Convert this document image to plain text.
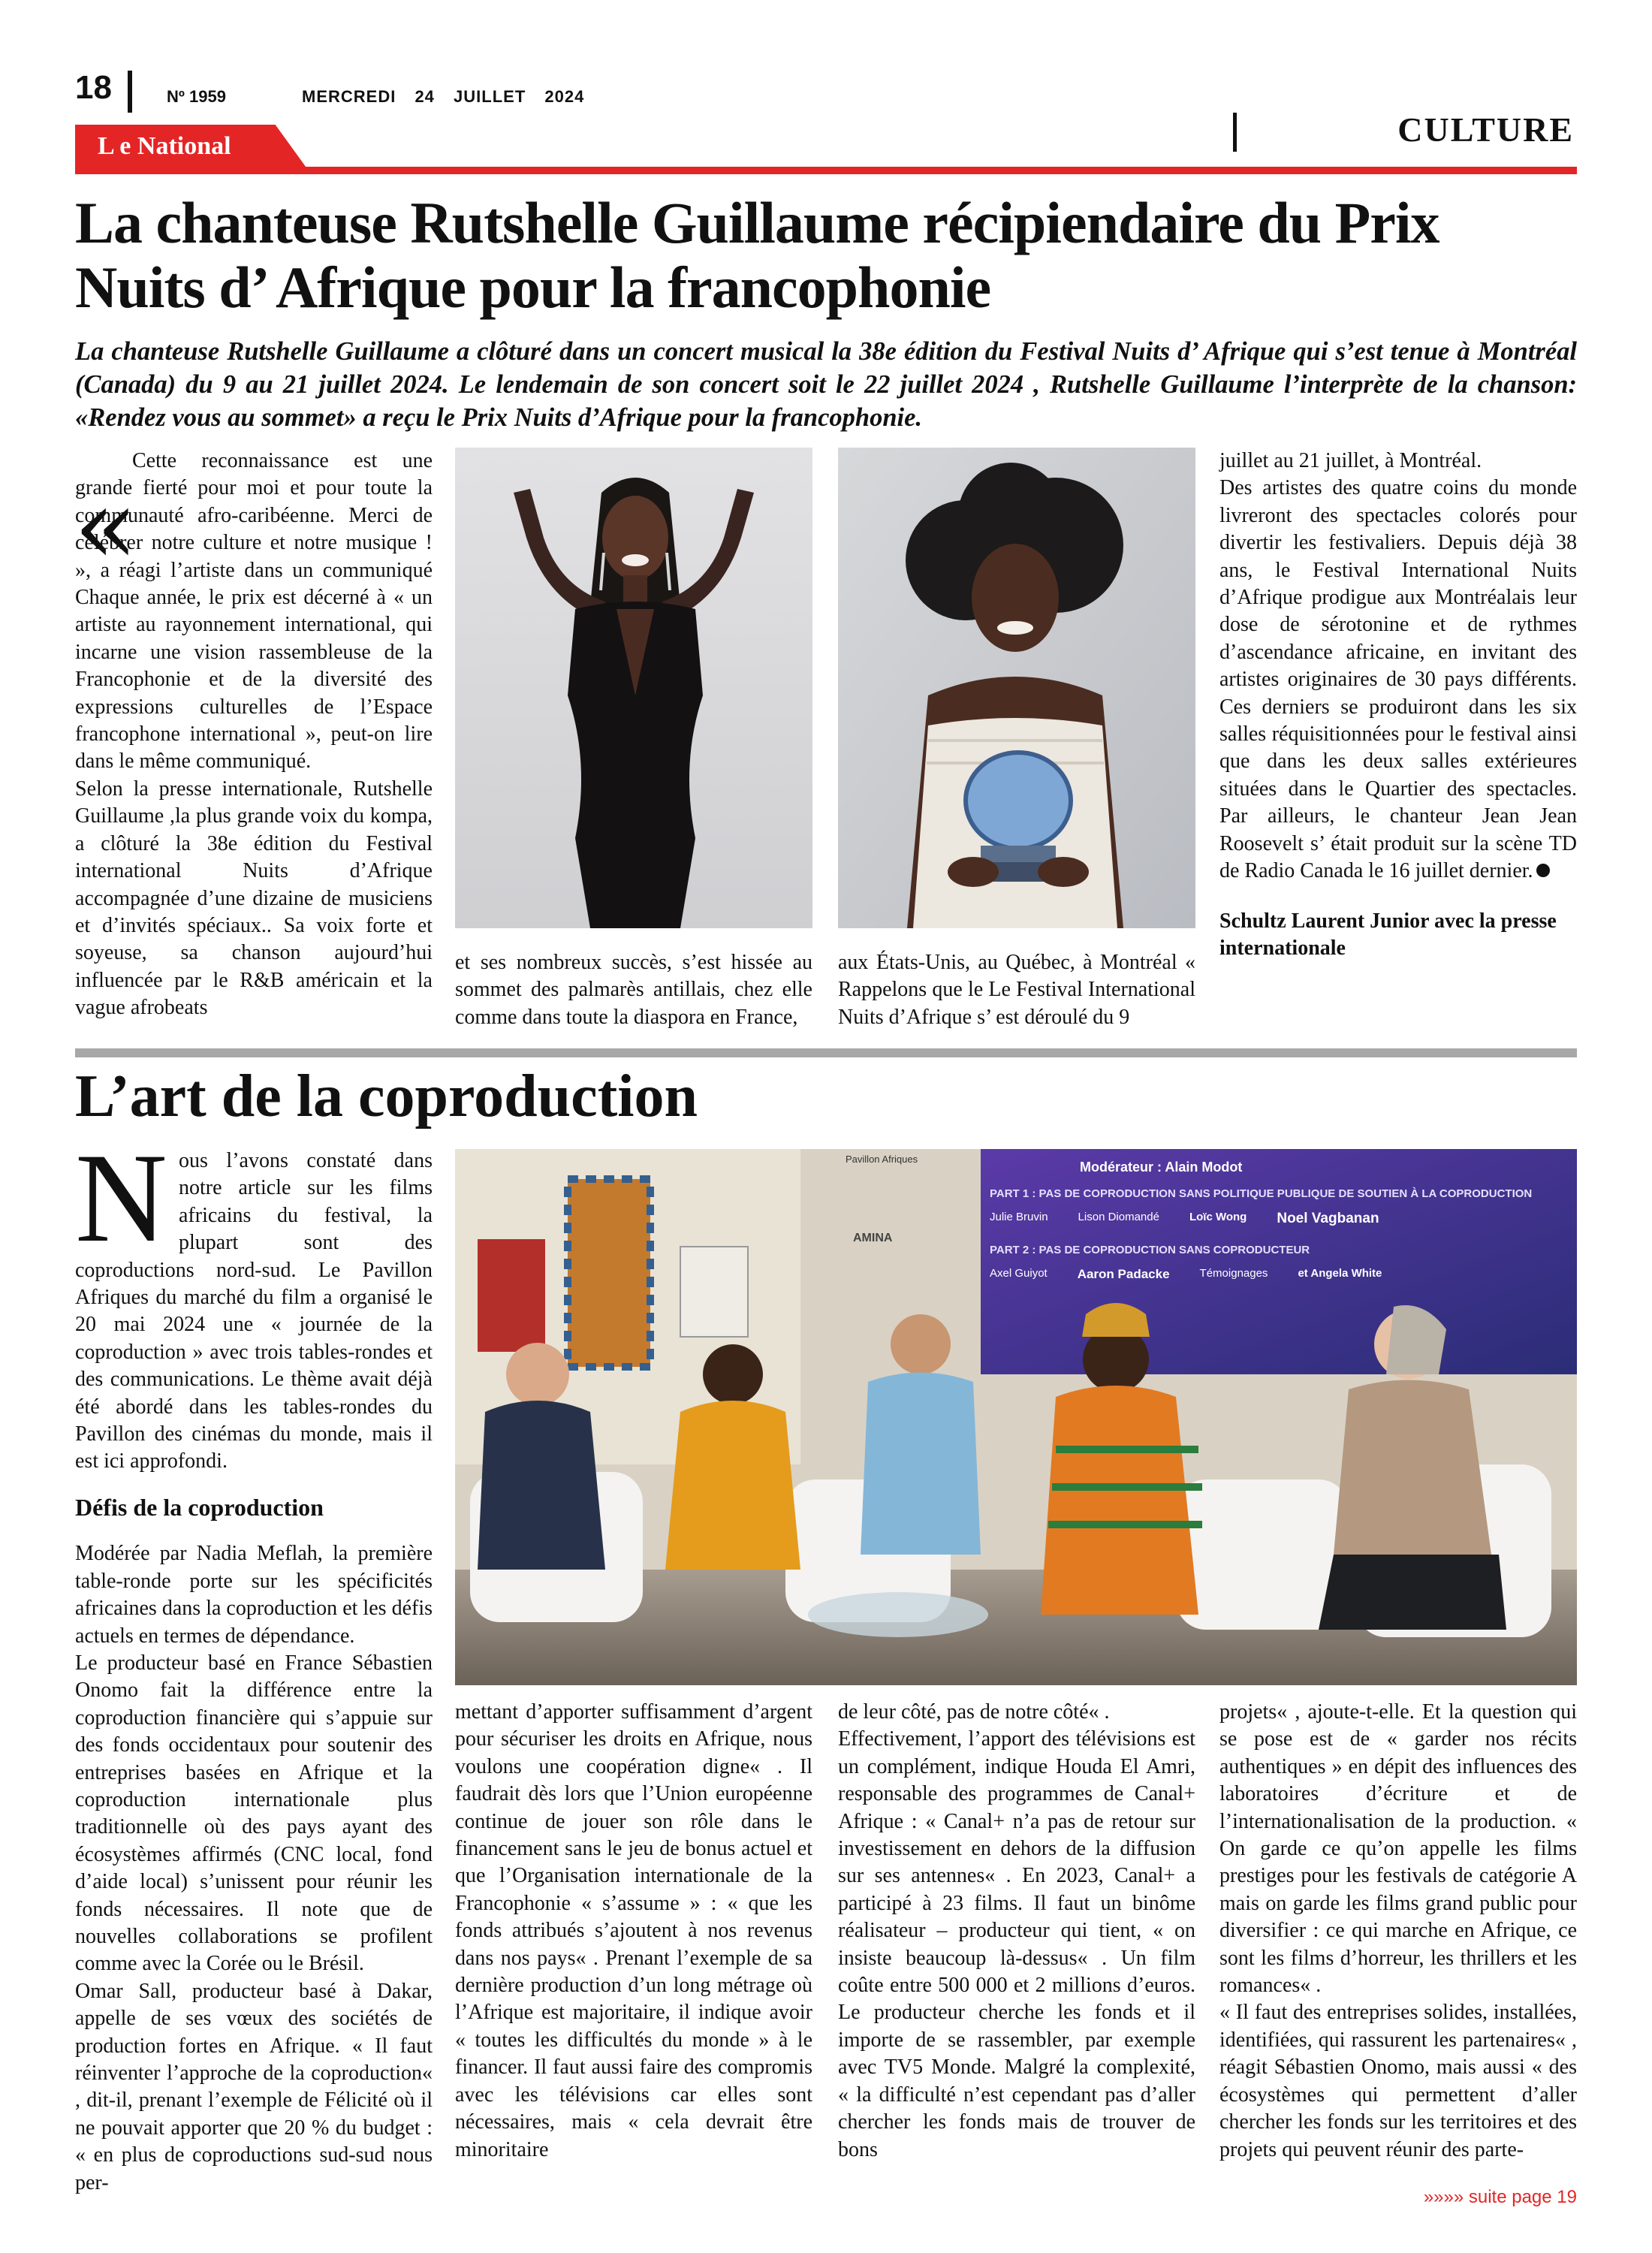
18	Nº 1959	MERCREDI 24 JUILLET 2024
L e National	CULTURE
La chanteuse Rutshelle Guillaume récipiendaire du Prix Nuits d’ Afrique pour la francophonie
La chanteuse Rutshelle Guillaume a clôturé dans un concert musical la 38e édition du Festival Nuits d’ Afrique qui s’est tenue à Montréal (Canada) du 9 au 21 juillet 2024. Le lendemain de son concert soit le 22 juillet 2024 , Rutshelle Guillaume l’interprète de la chanson: «Rendez vous au sommet» a reçu le Prix Nuits d’Afrique pour la francophonie.
«

Cette reconnaissance est une grande fierté pour moi et pour toute la communauté afro-caribéenne. Merci de célébrer notre culture et notre musique ! », a réagi l’artiste dans un communiqué Chaque année, le prix est décerné à « un artiste au rayonnement international, qui incarne une vision rassembleuse de la Francophonie et de la diversité des expressions culturelles de l’Espace francophone international », peut-on lire dans le même communiqué.

Selon la presse internationale, Rutshelle Guillaume ,la plus grande voix du kompa, a clôturé la 38e édition du Festival international Nuits d’Afrique accompagnée d’une dizaine de musiciens et d’invités spéciaux.. Sa voix forte et soyeuse, sa chanson aujourd’hui influencée par le R&B américain et la vague afrobeats

et ses nombreux succès, s’est hissée au sommet des palmarès antillais, chez elle comme dans toute la diaspora en France,

aux États-Unis, au Québec, à Montréal « Rappelons que le Le Festival International Nuits d’Afrique s’ est déroulé du 9

juillet au 21 juillet, à Montréal.

Des artistes des quatre coins du monde livreront des spectacles colorés pour divertir les festivaliers. Depuis déjà 38 ans, le Festival International Nuits d’Afrique prodigue aux Montréalais leur dose de sérotonine et de rythmes d’ascendance africaine, en invitant des artistes originaires de 30 pays différents. Ces derniers se produiront dans les six salles réquisitionnées pour le festival ainsi que dans les deux salles extérieures situées dans le Quartier des spectacles. Par ailleurs, le chanteur Jean Jean Roosevelt s’ était produit sur la scène TD de Radio Canada le 16 juillet dernier.

Schultz Laurent Junior avec la presse internationale

L’art de la coproduction
N ous l’avons constaté dans notre article sur les films africains du festival, la plupart sont des coproductions nord-sud. Le Pavillon Afriques du marché du film a organisé le 20 mai 2024 une « journée de la coproduction » avec trois tables-rondes et des communications. Le thème avait déjà été abordé dans les tables-rondes du Pavillon des cinémas du monde, mais il est ici approfondi.

Défis de la coproduction

Modérée par Nadia Meflah, la première table-ronde porte sur les spécificités africaines dans la coproduction et les défis actuels en termes de dépendance.

Le producteur basé en France Sébastien Onomo fait la différence entre la coproduction financière qui s’appuie sur des fonds occidentaux pour soutenir des entreprises basées en Afrique et la coproduction internationale plus traditionnelle où des pays ayant des écosystèmes affirmés (CNC local, fond d’aide local) s’unissent pour réunir les fonds nécessaires. Il note que de nouvelles collaborations se profilent comme avec la Corée ou le Brésil.

Omar Sall, producteur basé à Dakar, appelle de ses vœux des sociétés de production fortes en Afrique. « Il faut réinventer l’approche de la coproduction« , dit-il, prenant l’exemple de Félicité où il ne pouvait apporter que 20 % du budget : « en plus de coproductions sud-sud nous per-

Modérateur : Alain Modot
PART 1 : PAS DE COPRODUCTION SANS POLITIQUE PUBLIQUE DE SOUTIEN À LA COPRODUCTION
Julie Bruvin	Lison Diomandé	Loïc Wong Noel Vagbanan
PART 2 : PAS DE COPRODUCTION SANS COPRODUCTEUR
Axel Guiyot Aaron Padacke	Témoignages	et Angela White
Pavillon Afriques
AMINA

mettant d’apporter suffisamment d’argent pour sécuriser les droits en Afrique, nous voulons une coopération digne« . Il faudrait dès lors que l’Union européenne continue de jouer son rôle dans le financement sans le jeu de bonus actuel et que l’Organisation internationale de la Francophonie « s’assume » : « que les fonds attribués s’ajoutent à nos revenus dans nos pays« . Prenant l’exemple de sa dernière production d’un long métrage où l’Afrique est majoritaire, il indique avoir « toutes les difficultés du monde » à le financer. Il faut aussi faire des compromis avec les télévisions car elles sont nécessaires, mais « cela devrait être minoritaire

de leur côté, pas de notre côté« .

Effectivement, l’apport des télévisions est un complément, indique Houda El Amri, responsable des programmes de Canal+ Afrique : « Canal+ n’a pas de retour sur investissement en dehors de la diffusion sur ses antennes« . En 2023, Canal+ a participé à 23 films. Il faut un binôme réalisateur – producteur qui tient, « on insiste beaucoup là-dessus« . Un film coûte entre 500 000 et 2 millions d’euros. Le producteur cherche les fonds et il importe de se rassembler, par exemple avec TV5 Monde. Malgré la complexité, « la difficulté n’est cependant pas d’aller chercher les fonds mais de trouver de bons

projets« , ajoute-t-elle. Et la question qui se pose est de « garder nos récits authentiques » en dépit des influences des laboratoires d’écriture et de l’internationalisation de la production. « On garde ce qu’on appelle les films prestiges pour les festivals de catégorie A mais on garde les films grand public pour diversifier : ce qui marche en Afrique, ce sont les films d’horreur, les thrillers et les romances« .

« Il faut des entreprises solides, installées, identifiées, qui rassurent les partenaires« , réagit Sébastien Onomo, mais aussi « des écosystèmes qui permettent d’aller chercher les fonds sur les territoires et des projets qui peuvent réunir des parte-

»»»» suite page 19
